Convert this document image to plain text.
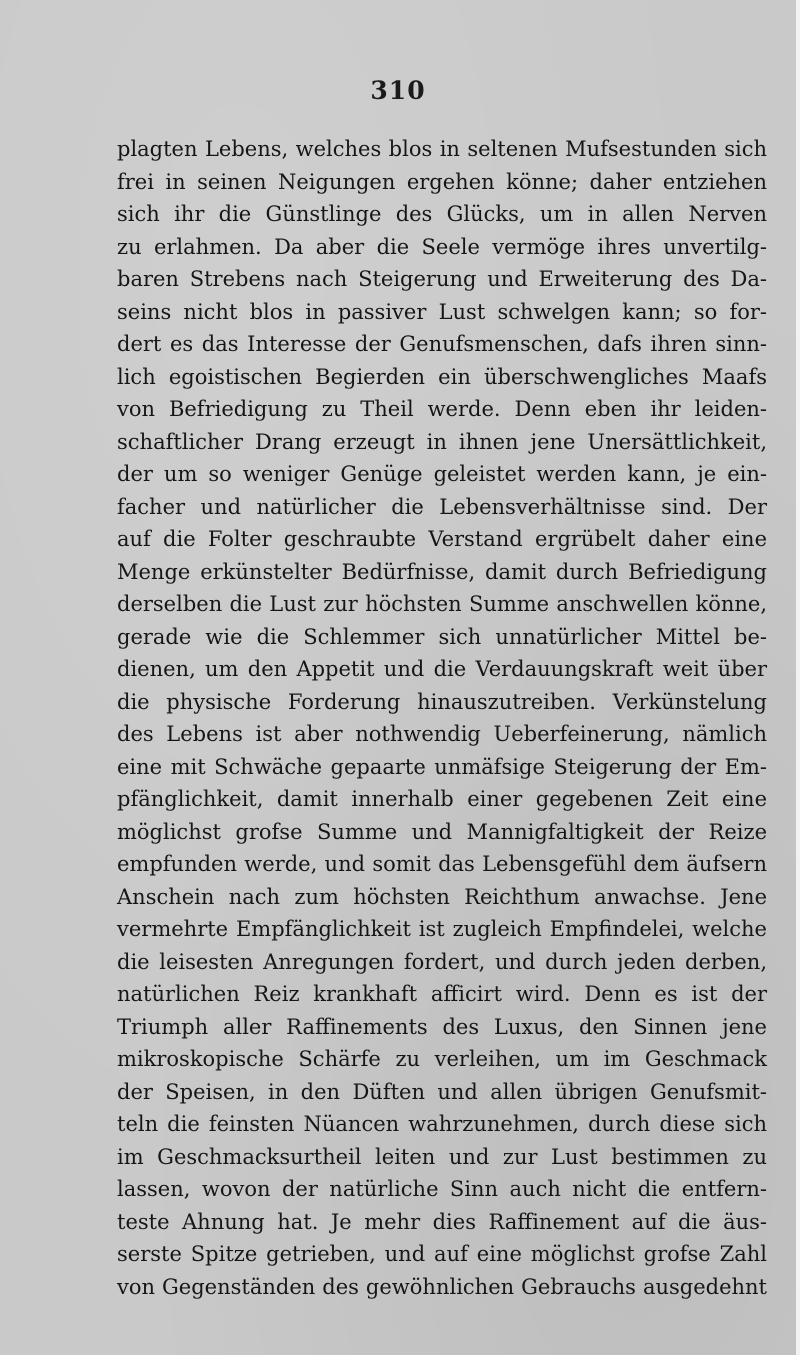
310
plagten Lebens, welches blos in seltenen Mufsestunden sich
frei in seinen Neigungen ergehen könne; daher entziehen
sich ihr die Günstlinge des Glücks, um in allen Nerven
zu erlahmen. Da aber die Seele vermöge ihres unvertilg-
baren Strebens nach Steigerung und Erweiterung des Da-
seins nicht blos in passiver Lust schwelgen kann; so for-
dert es das Interesse der Genufsmenschen, dafs ihren sinn-
lich egoistischen Begierden ein überschwengliches Maafs
von Befriedigung zu Theil werde. Denn eben ihr leiden-
schaftlicher Drang erzeugt in ihnen jene Unersättlichkeit,
der um so weniger Genüge geleistet werden kann, je ein-
facher und natürlicher die Lebensverhältnisse sind. Der
auf die Folter geschraubte Verstand ergrübelt daher eine
Menge erkünstelter Bedürfnisse, damit durch Befriedigung
derselben die Lust zur höchsten Summe anschwellen könne,
gerade wie die Schlemmer sich unnatürlicher Mittel be-
dienen, um den Appetit und die Verdauungskraft weit über
die physische Forderung hinauszutreiben. Verkünstelung
des Lebens ist aber nothwendig Ueberfeinerung, nämlich
eine mit Schwäche gepaarte unmäfsige Steigerung der Em-
pfänglichkeit, damit innerhalb einer gegebenen Zeit eine
möglichst grofse Summe und Mannigfaltigkeit der Reize
empfunden werde, und somit das Lebensgefühl dem äufsern
Anschein nach zum höchsten Reichthum anwachse. Jene
vermehrte Empfänglichkeit ist zugleich Empfindelei, welche
die leisesten Anregungen fordert, und durch jeden derben,
natürlichen Reiz krankhaft afficirt wird. Denn es ist der
Triumph aller Raffinements des Luxus, den Sinnen jene
mikroskopische Schärfe zu verleihen, um im Geschmack
der Speisen, in den Düften und allen übrigen Genufsmit-
teln die feinsten Nüancen wahrzunehmen, durch diese sich
im Geschmacksurtheil leiten und zur Lust bestimmen zu
lassen, wovon der natürliche Sinn auch nicht die entfern-
teste Ahnung hat. Je mehr dies Raffinement auf die äus-
serste Spitze getrieben, und auf eine möglichst grofse Zahl
von Gegenständen des gewöhnlichen Gebrauchs ausgedehnt
